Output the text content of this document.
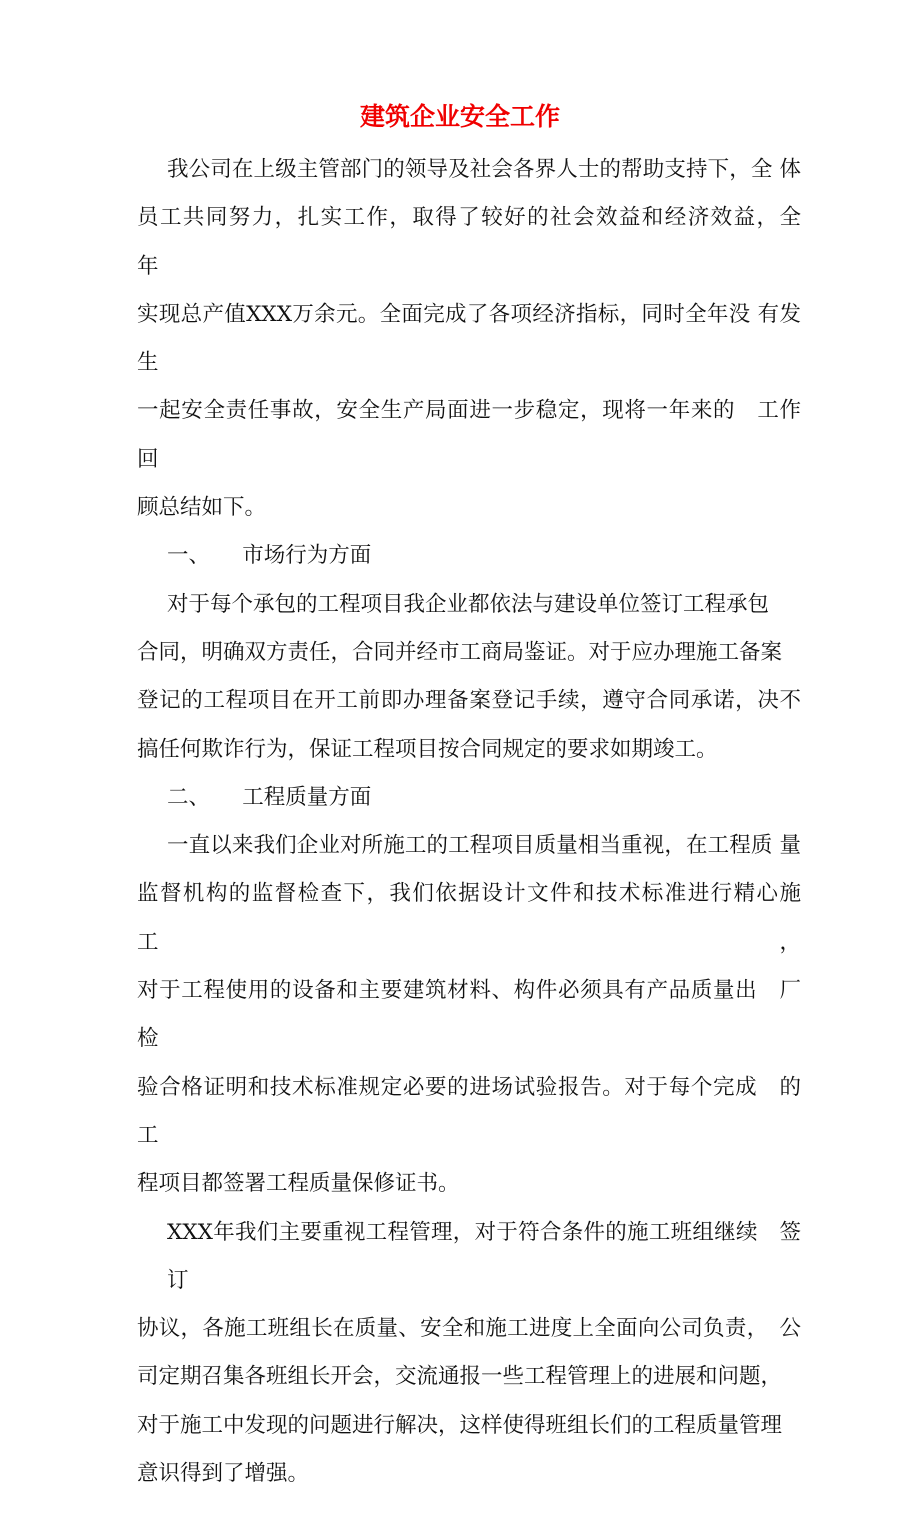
建筑企业安全工作
我公司在上级主管部门的领导及社会各界人士的帮助支持下，全 体
员工共同努力，扎实工作，取得了较好的社会效益和经济效益，全　年
实现总产值XXX万余元。全面完成了各项经济指标，同时全年没 有发生
一起安全责任事故，安全生产局面进一步稳定，现将一年来的　工作回
顾总结如下。
一、　　市场行为方面
对于每个承包的工程项目我企业都依法与建设单位签订工程承包
合同，明确双方责任，合同并经市工商局鉴证。对于应办理施工备案
登记的工程项目在开工前即办理备案登记手续，遵守合同承诺，决不
搞任何欺诈行为，保证工程项目按合同规定的要求如期竣工。
二、　　工程质量方面
一直以来我们企业对所施工的工程项目质量相当重视，在工程质 量
监督机构的监督检查下，我们依据设计文件和技术标准进行精心施 工，
对于工程使用的设备和主要建筑材料、构件必须具有产品质量出　厂检
验合格证明和技术标准规定必要的进场试验报告。对于每个完成　的工
程项目都签署工程质量保修证书。
XXX年我们主要重视工程管理，对于符合条件的施工班组继续　签订
协议，各施工班组长在质量、安全和施工进度上全面向公司负责，　公
司定期召集各班组长开会，交流通报一些工程管理上的进展和问题，
对于施工中发现的问题进行解决，这样使得班组长们的工程质量管理
意识得到了增强。
